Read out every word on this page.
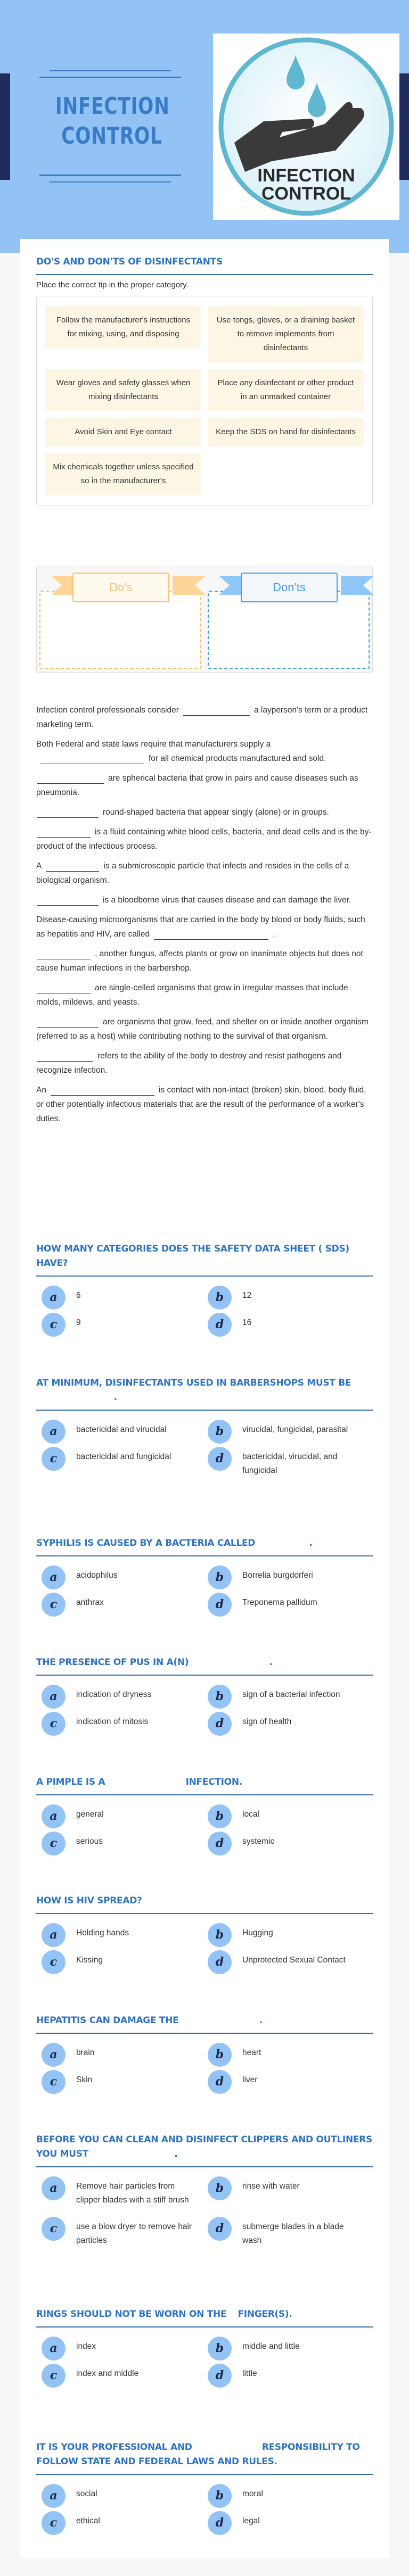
INFECTION CONTROL
INFECTION
CONTROL
DO'S AND DON'TS OF DISINFECTANTS
Place the correct tip in the proper category.
Follow the manufacturer's instructions for mixing, using, and disposing
Use tongs, gloves, or a draining basket to remove implements from disinfectants
Wear gloves and safety glasses when mixing disinfectants
Place any disinfectant or other product in an unmarked container
Avoid Skin and Eye contact	Keep the SDS on hand for disinfectants
Mix chemicals together unless specified so in the manufacturer's
Do's	Don'ts

Infection control professionals consider	a layperson's term or a product marketing term.

Both Federal and state laws require that manufacturers supply afor all chemical products manufactured and sold.

are spherical bacteria that grow in pairs and cause diseases such as pneumonia.

round-shaped bacteria that appear singly (alone) or in groups.

is a fluid containing white blood cells, bacteria, and dead cells and is the by-product of the infectious process.

A	is a submicroscopic particle that infects and resides in the cells of a biological organism.

is a bloodborne virus that causes disease and can damage the liver.

Disease-causing microorganisms that are carried in the body by blood or body fluids, such as hepatitis and HIV, are called	.

, another fungus, affects plants or grow on inanimate objects but does not cause human infections in the barbershop.

are single-celled organisms that grow in irregular masses that include molds, mildews, and yeasts.

are organisms that grow, feed, and shelter on or inside another organism (referred to as a host) while contributing nothing to the survival of that organism.

refers to the ability of the body to destroy and resist pathogens and recognize infection.

An	is contact with non-intact (broken) skin, blood, body fluid, or other potentially infectious materials that are the result of the performance of a worker's duties.

HOW MANY CATEGORIES DOES THE SAFETY DATA SHEET ( SDS) HAVE?
a	6	b	12
c	9	d	16
AT MINIMUM, DISINFECTANTS USED IN BARBERSHOPS MUST BE  .
a	bactericidal and virucidal	b	virucidal, fungicidal, parasital
c	bactericidal and fungicidal	d	bactericidal, virucidal, and fungicidal
SYPHILIS IS CAUSED BY A BACTERIA CALLED	.
a	acidophilus	b	Borrelia burgdorferi
c	anthrax	d	Treponema pallidum
THE PRESENCE OF PUS IN A(N)	.
a	indication of dryness	b	sign of a bacterial infection
c	indication of mitosis	d	sign of health
A PIMPLE IS A	INFECTION.
a	general	b	local
c	serious	d	systemic
HOW IS HIV SPREAD?
a	Holding hands	b	Hugging
c	Kissing	d	Unprotected Sexual Contact
HEPATITIS CAN DAMAGE THE	.
a	brain	b	heart
c	Skin	d	liver
BEFORE YOU CAN CLEAN AND DISINFECT CLIPPERS AND OUTLINERS YOU MUST	.
a	Remove hair particles from clipper blades with a stiff brush
b	rinse with water
c	use a blow dryer to remove hair particles
d	submerge blades in a blade wash
RINGS SHOULD NOT BE WORN ON THE FINGER(S).
a	index	b	middle and little
c	index and middle	d	little
IT IS YOUR PROFESSIONAL AND	RESPONSIBILITY TO FOLLOW STATE AND FEDERAL LAWS AND RULES.
a	social	b	moral
c	ethical	d	legal
